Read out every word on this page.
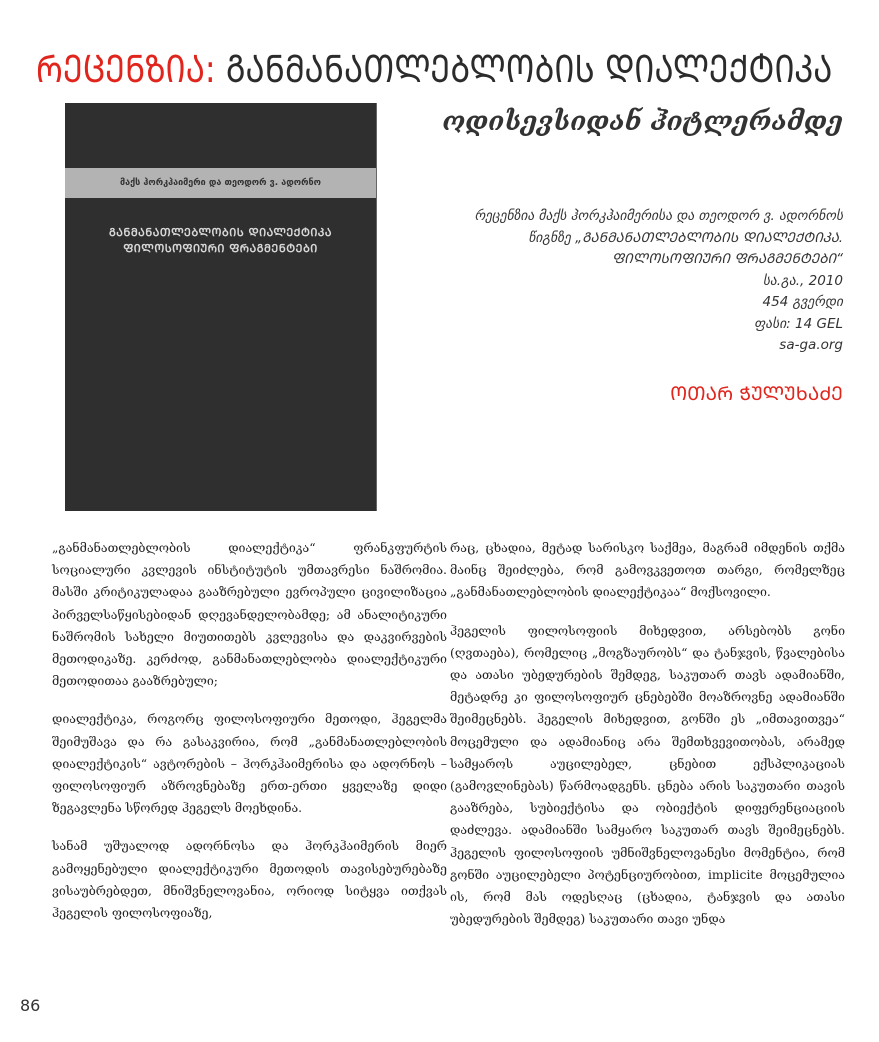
ᲠᲔᲪᲔᲜᲖᲘᲐ: ᲒᲐᲜᲛᲐᲜᲐᲗᲚᲔᲑᲚᲝᲑᲘᲡ ᲓᲘᲐᲚᲔᲥᲢᲘᲙᲐ
ოდისევსიდან ჰიტლერამდე
მაქს ჰორკჰაიმერი და თეოდორ ვ. ადორნო
ᲒᲐᲜᲛᲐᲜᲐᲗᲚᲔᲑᲚᲝᲑᲘᲡ ᲓᲘᲐᲚᲔᲥᲢᲘᲙᲐ
ᲤᲘᲚᲝᲡᲝᲤᲘᲣᲠᲘ ᲤᲠᲐᲒᲛᲔᲜᲢᲔᲑᲘ
რეცენზია მაქს ჰორკჰაიმერისა და თეოდორ ვ. ადორნოს
წიგნზე „ᲒᲐᲜᲛᲐᲜᲐᲗᲚᲔᲑᲚᲝᲑᲘᲡ ᲓᲘᲐᲚᲔᲥᲢᲘᲙᲐ.
ᲤᲘᲚᲝᲡᲝᲤᲘᲣᲠᲘ ᲤᲠᲐᲒᲛᲔᲜᲢᲔᲑᲘ“
სა.გა., 2010
454 გვერდი
ფასი: 14 GEL
sa-ga.org
ᲝᲗᲐᲠ ᲭᲣᲚᲣᲮᲐᲫᲔ

„განმანათლებლობის დიალექტიკა“ ფრანკფურტის სოციალური კვლევის ინსტიტუტის უმთავრესი ნაშრომია. მასში კრიტიკულადაა გააზრებული ევროპული ცივილიზაცია პირველსაწყისებიდან დღევანდელობამდე; ამ ანალიტიკური ნაშრომის სახელი მიუთითებს კვლევისა და დაკვირვების მეთოდიკაზე. კერძოდ, განმანათლებლობა დიალექტიკური მეთოდითაა გააზრებული;

დიალექტიკა, როგორც ფილოსოფიური მეთოდი, ჰეგელმა შეიმუშავა და რა გასაკვირია, რომ „განმანათლებლობის დიალექტიკის“ ავტორების – ჰორკჰაიმერისა და ადორნოს – ფილოსოფიურ აზროვნებაზე ერთ-ერთი ყველაზე დიდი ზეგავლენა სწორედ ჰეგელს მოეხდინა.

სანამ უშუალოდ ადორნოსა და ჰორკჰაიმერის მიერ გამოყენებული დიალექტიკური მეთოდის თავისებურებაზე ვისაუბრებდეთ, მნიშვნელოვანია, ორიოდ სიტყვა ითქვას ჰეგელის ფილოსოფიაზე,

რაც, ცხადია, მეტად სარისკო საქმეა, მაგრამ იმდენის თქმა მაინც შეიძლება, რომ გამოვკვეთოთ თარგი, რომელზეც „განმანათლებლობის დიალექტიკაა“ მოქსოვილი.

ჰეგელის ფილოსოფიის მიხედვით, არსებობს გონი (ღვთაება), რომელიც „მოგზაურობს“ და ტანჯვის, წვალებისა და ათასი უბედურების შემდეგ, საკუთარ თავს ადამიანში, მეტადრე კი ფილოსოფიურ ცნებებში მოაზროვნე ადამიანში შეიმეცნებს. ჰეგელის მიხედვით, გონში ეს „იმთავითვეა“ მოცემული და ადამიანიც არა შემთხვევითობას, არამედ სამყაროს აუცილებელ, ცნებით ექსპლიკაციას (გამოვლინებას) წარმოადგენს. ცნება არის საკუთარი თავის გააზრება, სუბიექტისა და ობიექტის დიფერენციაციის დაძლევა. ადამიანში სამყარო საკუთარ თავს შეიმეცნებს. ჰეგელის ფილოსოფიის უმნიშვნელოვანესი მომენტია, რომ გონში აუცილებელი პოტენციურობით, implicite მოცემულია ის, რომ მას ოდესღაც (ცხადია, ტანჯვის და ათასი უბედურების შემდეგ) საკუთარი თავი უნდა

86
